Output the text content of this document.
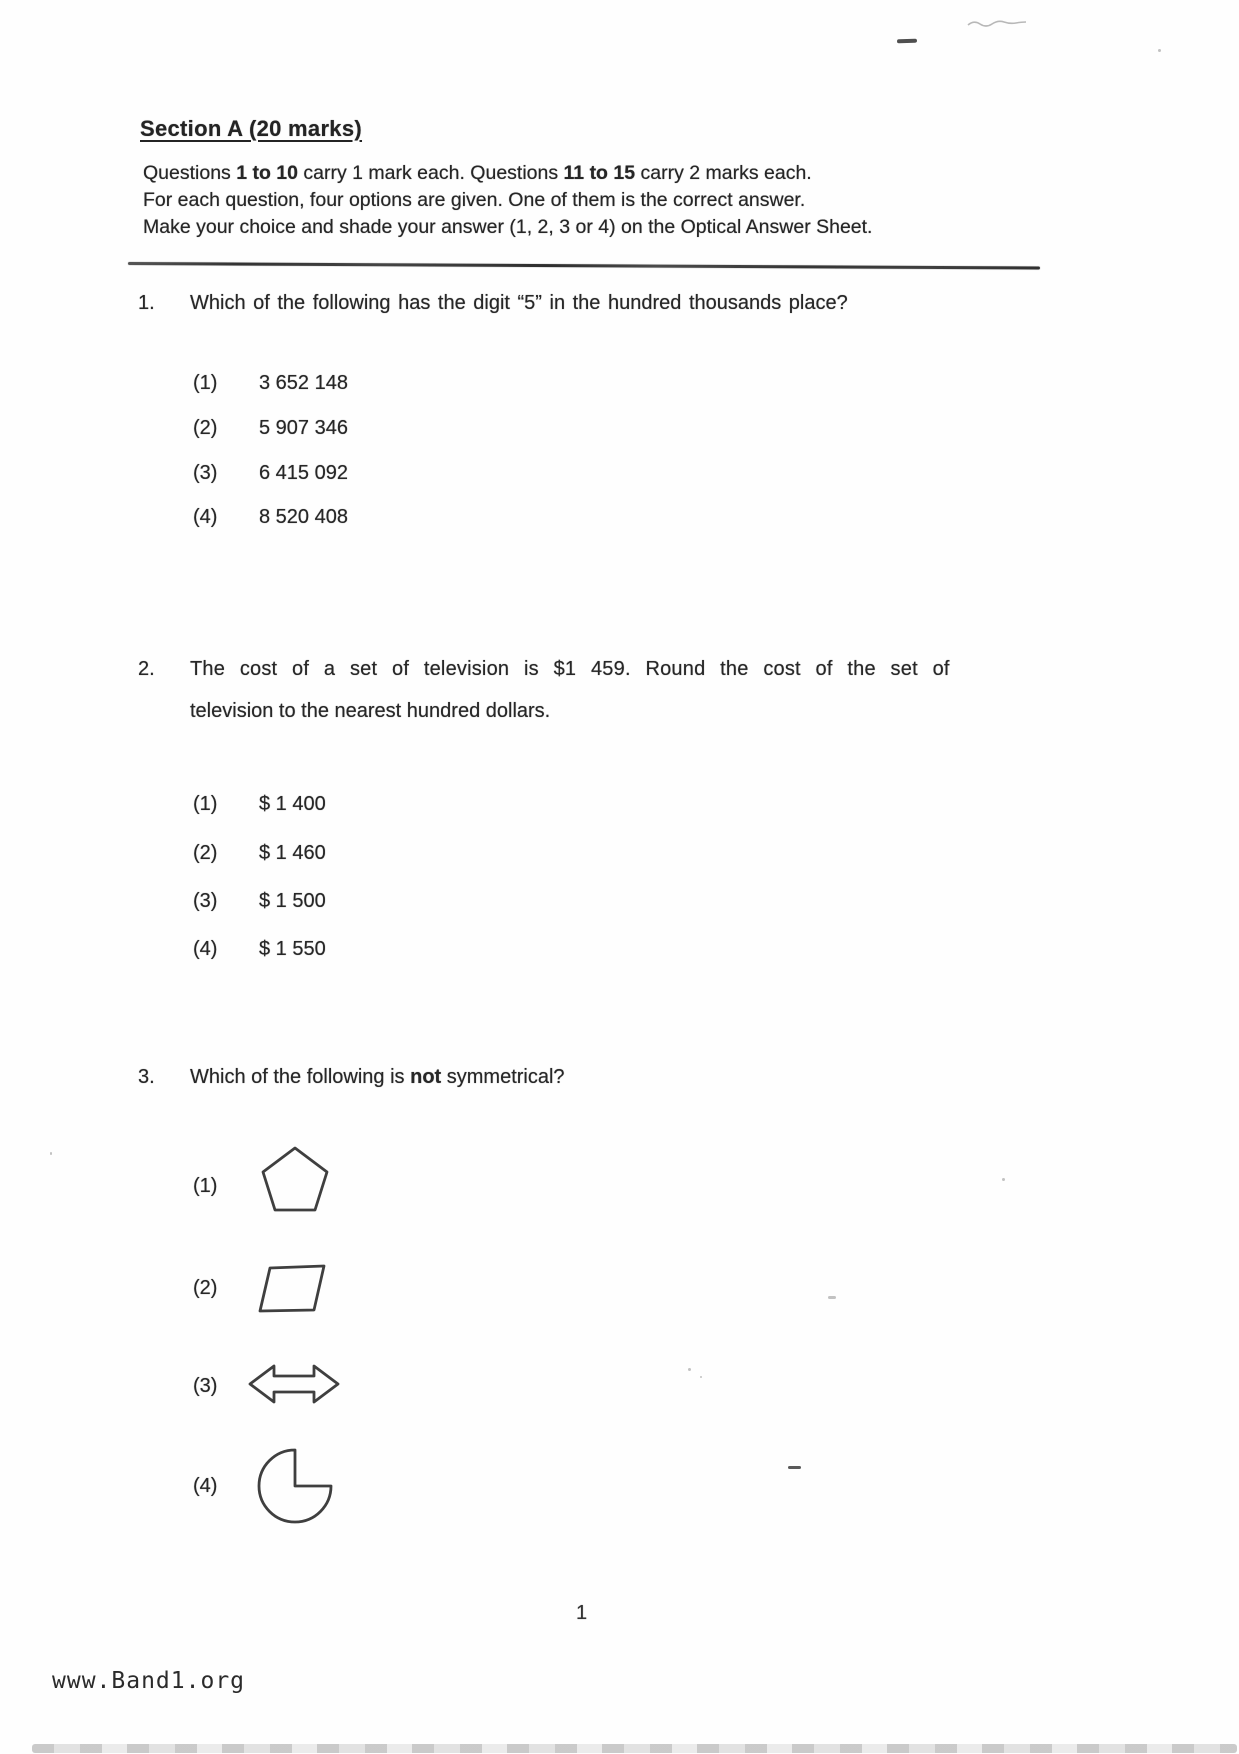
Section A (20 marks)
Questions 1 to 10 carry 1 mark each. Questions 11 to 15 carry 2 marks each.
For each question, four options are given. One of them is the correct answer.
Make your choice and shade your answer (1, 2, 3 or 4) on the Optical Answer Sheet.
1. Which of the following has the digit “5” in the hundred thousands place?
(1)	3 652 148
(2)	5 907 346
(3)	6 415 092
(4)	8 520 408
2. The cost of a set of television is $1 459. Round the cost of the set of
television to the nearest hundred dollars.
(1)	$ 1 400
(2)	$ 1 460
(3)	$ 1 500
(4)	$ 1 550
3. Which of the following is not symmetrical?
(1)
(2)
(3)
(4)
1
www.Band1.org
